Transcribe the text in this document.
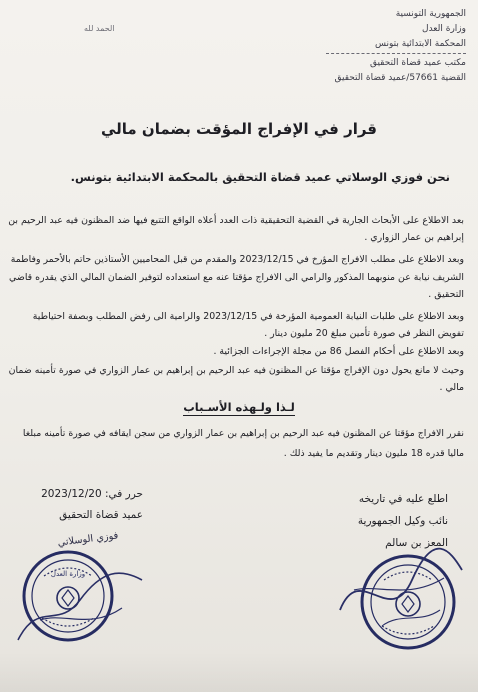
الحمد لله
الجمهورية التونسية
وزارة العدل
المحكمة الابتدائية بتونس
مكتب عميد قضاة التحقيق
القضية 57661/عميد قضاة التحقيق
قرار في الإفراج المؤقت بضمان مالي
نحن فوزي الوسلاتي عميد قضاة التحقيق بالمحكمة الابتدائية بتونس.

بعد الاطلاع على الأبحاث الجارية في القضية التحقيقية ذات العدد أعلاه الواقع التتبع فيها ضد المظنون فيه عبد الرحيم بن إبراهيم بن عمار الزواري .

وبعد الاطلاع على مطلب الافراج المؤرخ في 2023/12/15 والمقدم من قبل المحاميين الأستاذين حاتم بالأحمر وفاطمة الشريف نيابة عن منوبهما المذكور والرامي الى الافراج مؤقتا عنه مع استعداده لتوفير الضمان المالي الذي يقدره قاضي التحقيق .

وبعد الاطلاع على طلبات النيابة العمومية المؤرخة في 2023/12/15 والرامية الى رفض المطلب وبصفة احتياطية تفويض النظر في صورة تأمين مبلغ 20 مليون دينار .

وبعد الاطلاع على أحكام الفصل 86 من مجلة الإجراءات الجزائية .

وحيث لا مانع يحول دون الإفراج مؤقتا عن المظنون فيه عبد الرحيم بن إبراهيم بن عمار الزواري في صورة تأمينه ضمان مالي .

لـذا ولـهذه الأسـباب
نقرر الافراج مؤقتا عن المظنون فيه عبد الرحيم بن إبراهيم بن عمار الزواري من سجن ايقافه في صورة تأمينه مبلغا ماليا قدره 18 مليون دينار وتقديم ما يفيد ذلك .
حرر في: 2023/12/20
عميد قضاة التحقيق
فوزي الوسلاتي
اطلع عليه في تاريخه
نائب وكيل الجمهورية
المعز بن سالم
وزارة العدل
